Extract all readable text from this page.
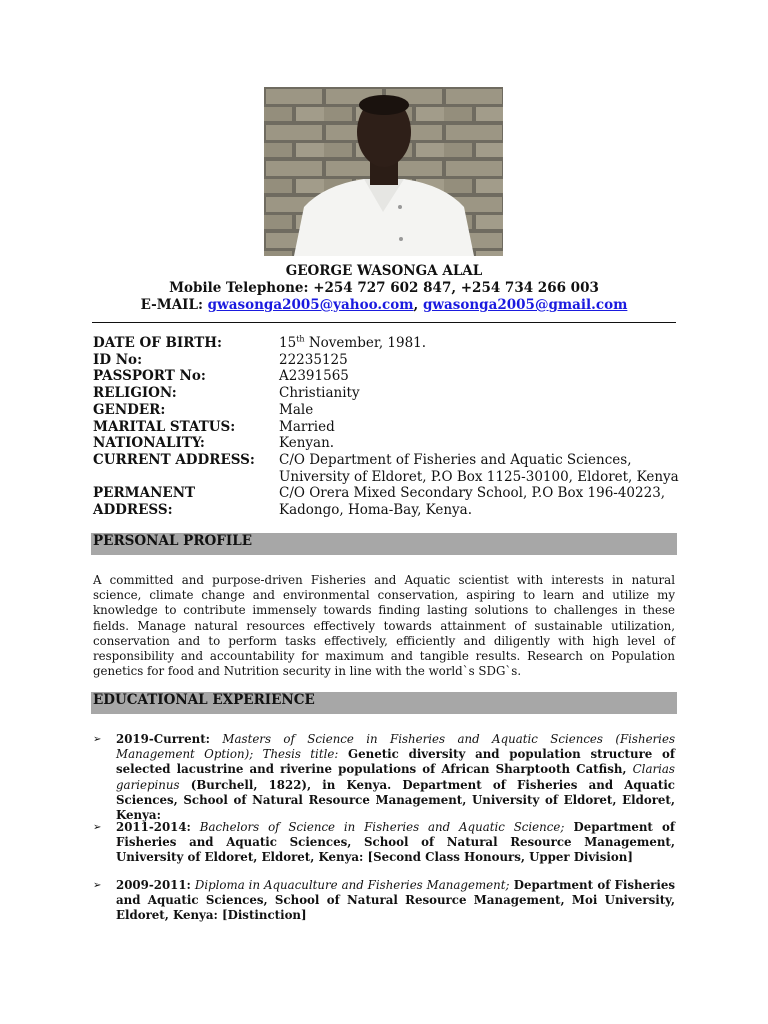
GEORGE WASONGA ALAL
Mobile Telephone: +254 727 602 847, +254 734 266 003
E-MAIL: gwasonga2005@yahoo.com, gwasonga2005@gmail.com
DATE OF BIRTH:	15th November, 1981.
ID No:	22235125
PASSPORT No:	A2391565
RELIGION:	Christianity
GENDER:	Male
MARITAL STATUS:	Married
NATIONALITY:	Kenyan.
CURRENT ADDRESS:	C/O Department of Fisheries and Aquatic Sciences,
University of Eldoret, P.O Box 1125-30100, Eldoret, Kenya
PERMANENT ADDRESS:
C/O Orera Mixed Secondary School, P.O Box 196-40223,
Kadongo, Homa-Bay, Kenya.
PERSONAL PROFILE
A committed and purpose-driven Fisheries and Aquatic scientist with interests in natural science, climate change and environmental conservation, aspiring to learn and utilize my knowledge to contribute immensely towards finding lasting solutions to challenges in these fields. Manage natural resources effectively towards attainment of sustainable utilization, conservation and to perform tasks effectively, efficiently and diligently with high level of responsibility and accountability for maximum and tangible results. Research on Population genetics for food and Nutrition security in line with the world`s SDG`s.
EDUCATIONAL EXPERIENCE
➢ 2019-Current: Masters of Science in Fisheries and Aquatic Sciences (Fisheries Management Option); Thesis title: Genetic diversity and population structure of selected lacustrine and riverine populations of African Sharptooth Catfish, Clarias gariepinus (Burchell, 1822), in Kenya. Department of Fisheries and Aquatic Sciences, School of Natural Resource Management, University of Eldoret, Eldoret, Kenya:
➢ 2011-2014: Bachelors of Science in Fisheries and Aquatic Science; Department of Fisheries and Aquatic Sciences, School of Natural Resource Management, University of Eldoret, Eldoret, Kenya: [Second Class Honours, Upper Division]
➢ 2009-2011: Diploma in Aquaculture and Fisheries Management; Department of Fisheries and Aquatic Sciences, School of Natural Resource Management, Moi University, Eldoret, Kenya: [Distinction]
